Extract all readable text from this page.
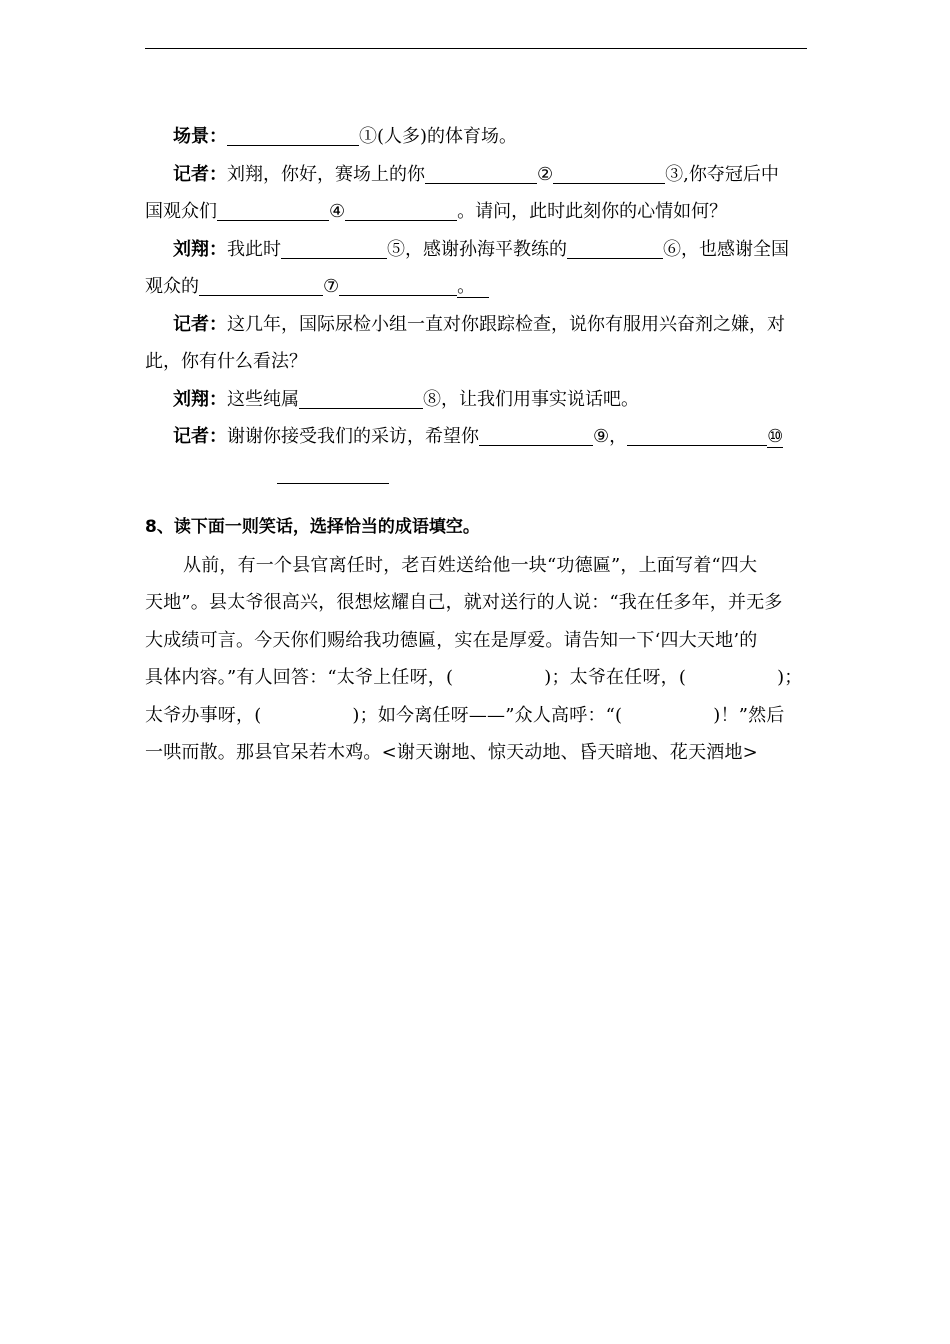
场景：	①(人多)的体育场。
记者：刘翔，你好，赛场上的你	②	③,你夺冠后中
国观众们	④	。请问，此时此刻你的心情如何？
刘翔：我此时	⑤，感谢孙海平教练的	⑥，也感谢全国
观众的	⑦	。
记者：这几年，国际尿检小组一直对你跟踪检查，说你有服用兴奋剂之嫌，对
此，你有什么看法？
刘翔：这些纯属	⑧，让我们用事实说话吧。
记者：谢谢你接受我们的采访，希望你	⑨，	⑩
8、读下面一则笑话，选择恰当的成语填空。
从前，有一个县官离任时，老百姓送给他一块“功德匾”，上面写着“四大
天地”。县太爷很高兴，很想炫耀自己，就对送行的人说：“我在任多年，并无多
大成绩可言。今天你们赐给我功德匾，实在是厚爱。请告知一下‘四大天地’的
具体内容。”有人回答：“太爷上任呀，(　　　　　)；太爷在任呀，(　　　　　)；
太爷办事呀，(　　　　　)；如今离任呀——”众人高呼：“(　　　　　)！”然后
一哄而散。那县官呆若木鸡。<谢天谢地、惊天动地、昏天暗地、花天酒地>
